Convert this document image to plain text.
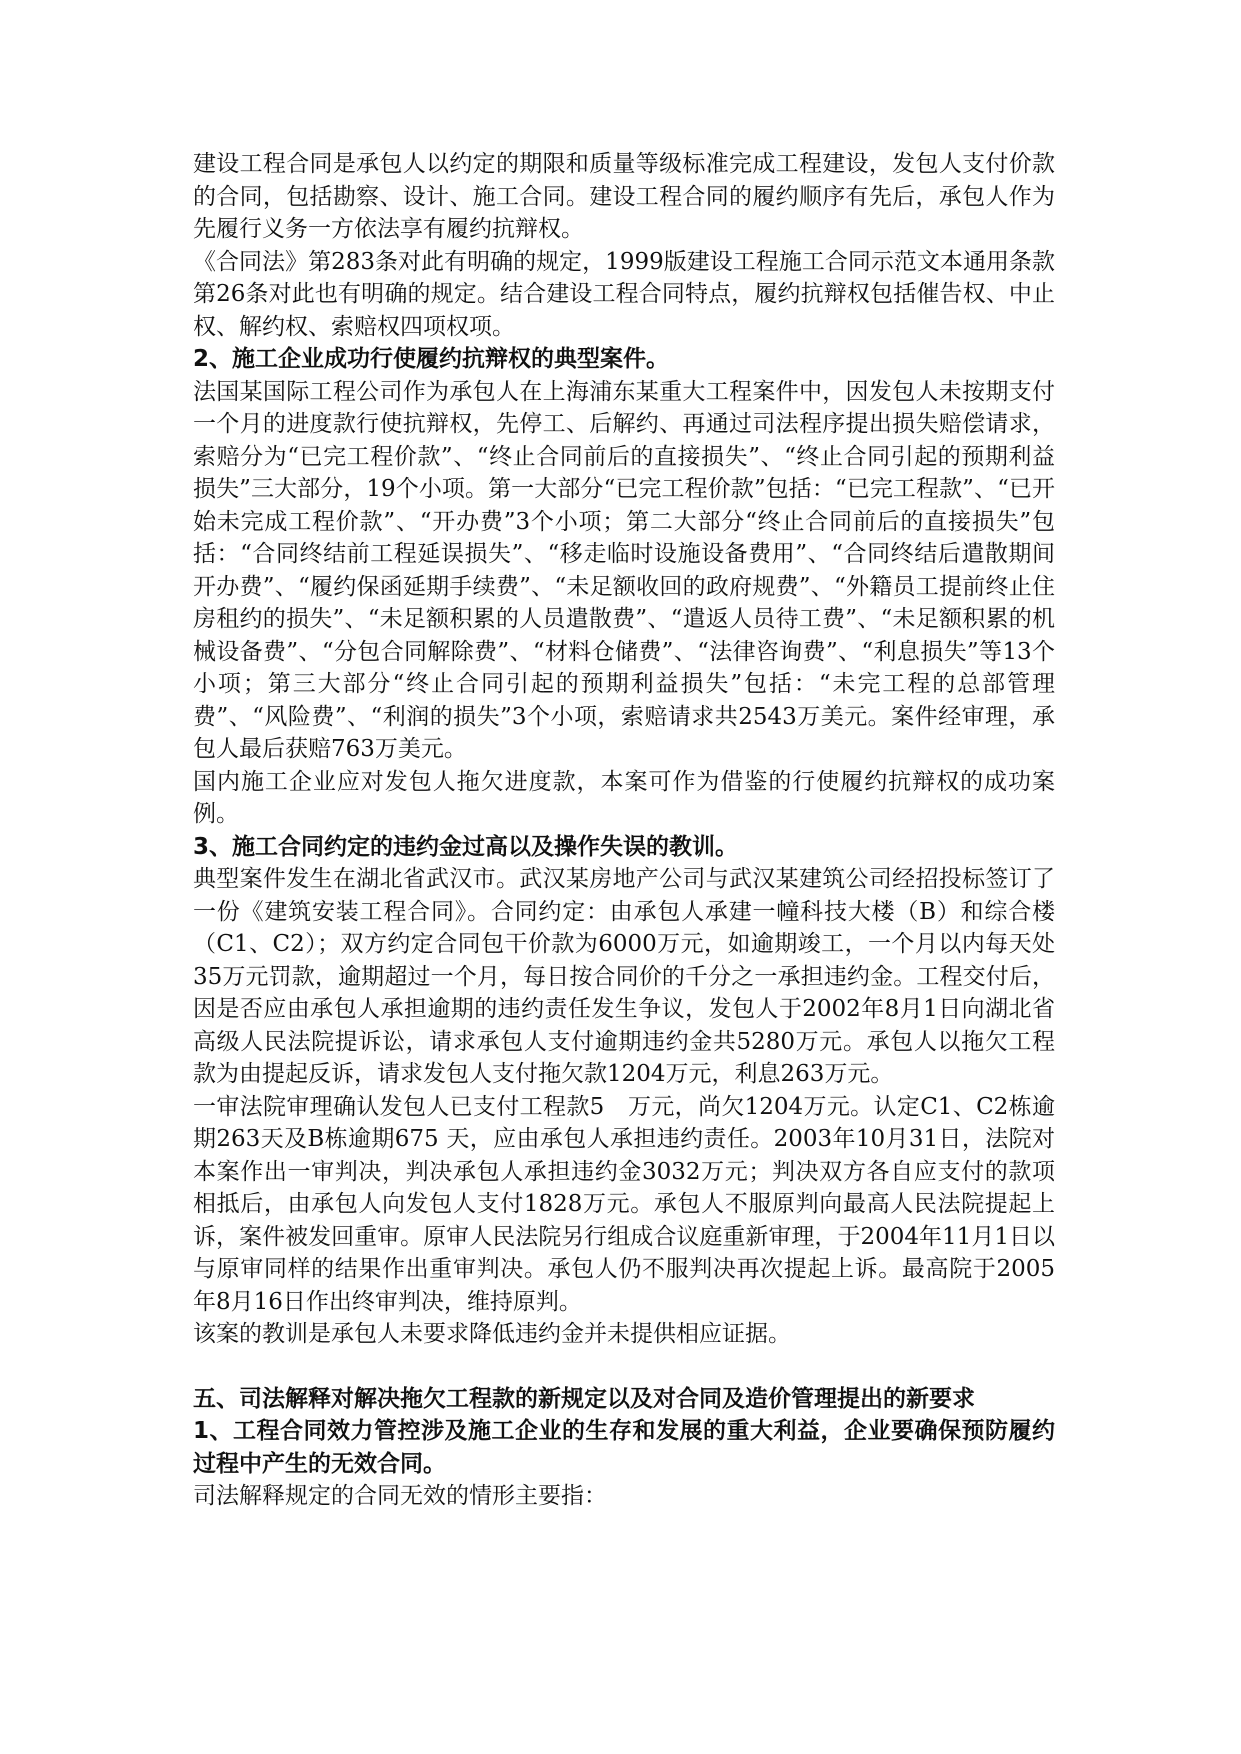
建设工程合同是承包人以约定的期限和质量等级标准完成工程建设，发包人支付价款的合同，包括勘察、设计、施工合同。建设工程合同的履约顺序有先后，承包人作为先履行义务一方依法享有履约抗辩权。

《合同法》第283条对此有明确的规定，1999版建设工程施工合同示范文本通用条款第26条对此也有明确的规定。结合建设工程合同特点，履约抗辩权包括催告权、中止权、解约权、索赔权四项权项。

2、施工企业成功行使履约抗辩权的典型案件。

法国某国际工程公司作为承包人在上海浦东某重大工程案件中，因发包人未按期支付一个月的进度款行使抗辩权，先停工、后解约、再通过司法程序提出损失赔偿请求，索赔分为“已完工程价款”、“终止合同前后的直接损失”、“终止合同引起的预期利益损失”三大部分，19个小项。第一大部分“已完工程价款”包括：“已完工程款”、“已开始未完成工程价款”、“开办费”3个小项；第二大部分“终止合同前后的直接损失”包括：“合同终结前工程延误损失”、“移走临时设施设备费用”、“合同终结后遣散期间开办费”、“履约保函延期手续费”、“未足额收回的政府规费”、“外籍员工提前终止住房租约的损失”、“未足额积累的人员遣散费”、“遣返人员待工费”、“未足额积累的机械设备费”、“分包合同解除费”、“材料仓储费”、“法律咨询费”、“利息损失”等13个小项；第三大部分“终止合同引起的预期利益损失”包括：“未完工程的总部管理费”、“风险费”、“利润的损失”3个小项，索赔请求共2543万美元。案件经审理，承包人最后获赔763万美元。

国内施工企业应对发包人拖欠进度款，本案可作为借鉴的行使履约抗辩权的成功案例。

3、施工合同约定的违约金过高以及操作失误的教训。

典型案件发生在湖北省武汉市。武汉某房地产公司与武汉某建筑公司经招投标签订了一份《建筑安装工程合同》。合同约定：由承包人承建一幢科技大楼（B）和综合楼（C1、C2）；双方约定合同包干价款为6000万元，如逾期竣工，一个月以内每天处35万元罚款，逾期超过一个月，每日按合同价的千分之一承担违约金。工程交付后，因是否应由承包人承担逾期的违约责任发生争议，发包人于2002年8月1日向湖北省高级人民法院提诉讼，请求承包人支付逾期违约金共5280万元。承包人以拖欠工程款为由提起反诉，请求发包人支付拖欠款1204万元，利息263万元。

一审法院审理确认发包人已支付工程款5　万元，尚欠1204万元。认定C1、C2栋逾期263天及B栋逾期675 天，应由承包人承担违约责任。2003年10月31日，法院对本案作出一审判决，判决承包人承担违约金3032万元；判决双方各自应支付的款项相抵后，由承包人向发包人支付1828万元。承包人不服原判向最高人民法院提起上诉，案件被发回重审。原审人民法院另行组成合议庭重新审理，于2004年11月1日以与原审同样的结果作出重审判决。承包人仍不服判决再次提起上诉。最高院于2005年8月16日作出终审判决，维持原判。

该案的教训是承包人未要求降低违约金并未提供相应证据。

五、司法解释对解决拖欠工程款的新规定以及对合同及造价管理提出的新要求

1、工程合同效力管控涉及施工企业的生存和发展的重大利益，企业要确保预防履约过程中产生的无效合同。

司法解释规定的合同无效的情形主要指：
